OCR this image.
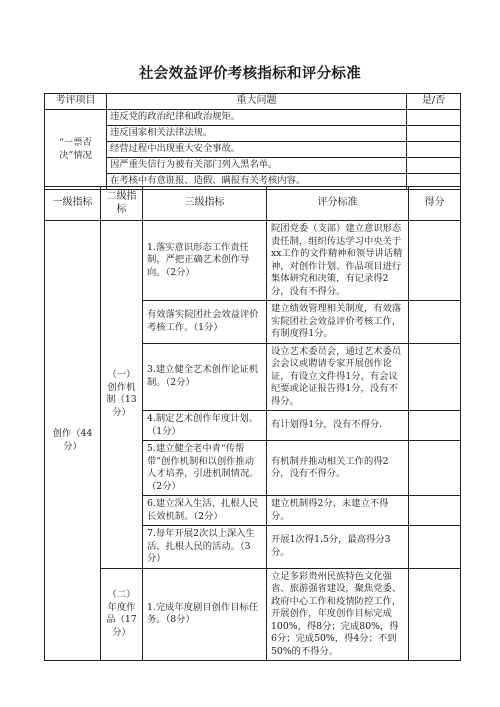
社会效益评价考核指标和评分标准
考评项目	重大问题	是/否
“一票否决”情况	违反党的政治纪律和政治规矩。	
	违反国家相关法律法规。	
	经营过程中出现重大安全事故。	
	因严重失信行为被有关部门列入黑名单。	
	在考核中有意诳报、造假、瞒报有关考核内容。	
一级指标	二级指标	三级指标	评分标准	得分
创作（44分）	（一）创作机制（13分）	1.落实意识形态工作责任制，严把正确艺术创作导向。（2分）	院团党委（支部）建立意识形态责任制，组织传达学习中央关于xx工作的文件精神和领导讲话精神，对创作计划、作品项目进行集体研究和决策，有记录得2分，没有不得分。	
		有效落实院团社会效益评价考核工作。（1分）	建立绩效管理相关制度，有效落实院团社会效益评价考核工作，有制度得1分。	
		3.建立健全艺术创作论证机制。（2分）	设立艺术委员会，通过艺术委员会会议或聘请专家开展创作论证，有设立文件得1分，有会议纪要或论证报告得1分，没有不得分。	
		4.制定艺术创作年度计划。（1分）	有计划得1分，没有不得分.	
		5.建立健全老中青“传帮带”创作机制和以创作推动人才培养，引进机制情况。（2分）	有机制并推动相关工作的得2分，没有不得分。	
		6.建立深入生活、扎根人民长效机制。（2分）	建立机制得2分，未建立不得分。	
		7.每年开展2次以上深入生活、扎根人民的活动。（3分）	开展1次得1.5分，最高得分3分。	
	（二）年度作品（17分）	1.完成年度剧目创作目标任务。（8分）	立足多彩贵州民族特色文化强省、旅游强省建设，聚焦党委、政府中心工作和疫情防控工作，开展创作，年度创作目标完成100%，得8分；完成80%，得6分；完成50%，得4分；不到50%的不得分。	
